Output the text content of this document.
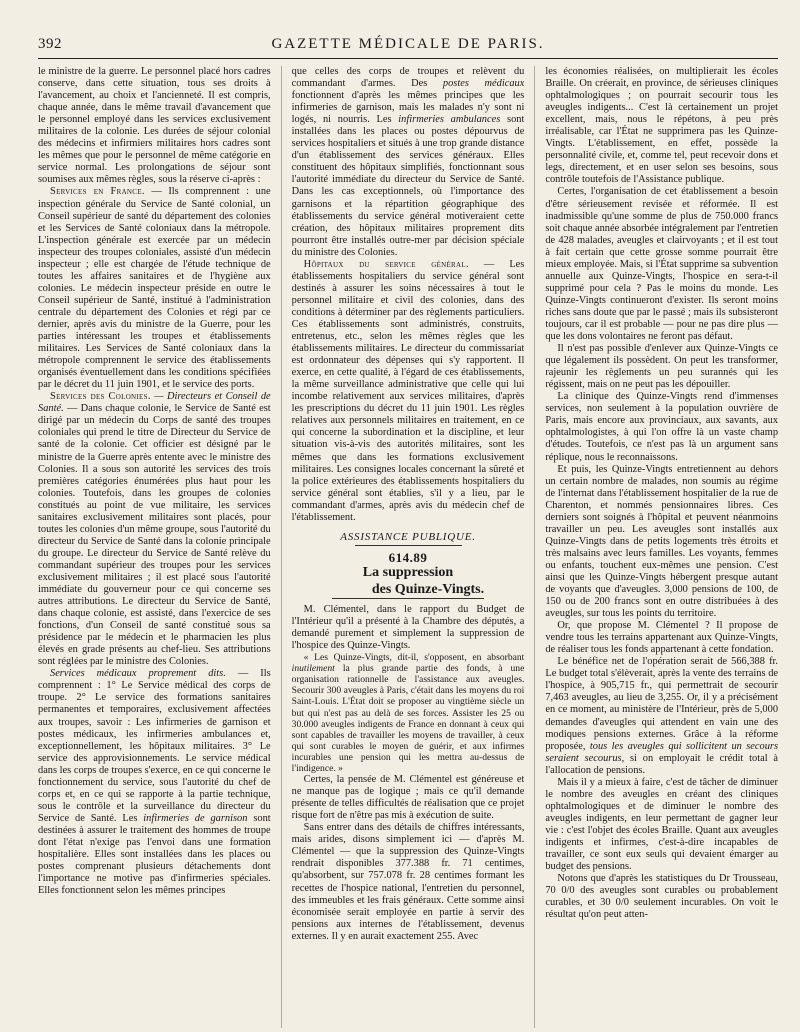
392	GAZETTE MÉDICALE DE PARIS.

le ministre de la guerre. Le personnel placé hors cadres conserve, dans cette situation, tous ses droits à l'avancement, au choix et l'ancienneté. Il est compris, chaque année, dans le même travail d'avancement que le personnel employé dans les services exclusivement militaires de la colonie. Les durées de séjour colonial des médecins et infirmiers militaires hors cadres sont les mêmes que pour le personnel de même catégorie en service normal. Les prolongations de séjour sont soumises aux mêmes règles, sous la réserve ci-après :

Services en France. — Ils comprennent : une inspection générale du Service de Santé colonial, un Conseil supérieur de santé du département des colonies et les Services de Santé coloniaux dans la métropole. L'inspection générale est exercée par un médecin inspecteur des troupes coloniales, assisté d'un médecin inspecteur ; elle est chargée de l'étude technique de toutes les affaires sanitaires et de l'hygiène aux colonies. Le médecin inspecteur préside en outre le Conseil supérieur de Santé, institué à l'administration centrale du département des Colonies et régi par ce dernier, après avis du ministre de la Guerre, pour les parties intéressant les troupes et établissements militaires. Les Services de Santé coloniaux dans la métropole comprennent le service des établissements organisés éventuellement dans les conditions spécifiées par le décret du 11 juin 1901, et le service des ports.

Services des Colonies. — Directeurs et Conseil de Santé. — Dans chaque colonie, le Service de Santé est dirigé par un médecin du Corps de santé des troupes coloniales qui prend le titre de Directeur du Service de santé de la colonie. Cet officier est désigné par le ministre de la Guerre après entente avec le ministre des Colonies. Il a sous son autorité les services des trois premières catégories énumérées plus haut pour les colonies. Toutefois, dans les groupes de colonies constitués au point de vue militaire, les services sanitaires exclusivement militaires sont placés, pour toutes les colonies d'un même groupe, sous l'autorité du directeur du Service de Santé dans la colonie principale du groupe. Le directeur du Service de Santé relève du commandant supérieur des troupes pour les services exclusivement militaires ; il est placé sous l'autorité immédiate du gouverneur pour ce qui concerne ses autres attributions. Le directeur du Service de Santé, dans chaque colonie, est assisté, dans l'exercice de ses fonctions, d'un Conseil de santé constitué sous sa présidence par le médecin et le pharmacien les plus élevés en grade présents au chef-lieu. Ses attributions sont réglées par le ministre des Colonies.

Services médicaux proprement dits. — Ils comprennent : 1° Le Service médical des corps de troupe. 2° Le service des formations sanitaires permanentes et temporaires, exclusivement affectées aux troupes, savoir : Les infirmeries de garnison et postes médicaux, les infirmeries ambulances et, exceptionnellement, les hôpitaux militaires. 3° Le service des approvisionnements. Le service médical dans les corps de troupes s'exerce, en ce qui concerne le fonctionnement du service, sous l'autorité du chef de corps et, en ce qui se rapporte à la partie technique, sous le contrôle et la surveillance du directeur du Service de Santé. Les infirmeries de garnison sont destinées à assurer le traitement des hommes de troupe dont l'état n'exige pas l'envoi dans une formation hospitalière. Elles sont installées dans les places ou postes comprenant plusieurs détachements dont l'importance ne motive pas d'infirmeries spéciales. Elles fonctionnent selon les mêmes principes

que celles des corps de troupes et relèvent du commandant d'armes. Des postes médicaux fonctionnent d'après les mêmes principes que les infirmeries de garnison, mais les malades n'y sont ni logés, ni nourris. Les infirmeries ambulances sont installées dans les places ou postes dépourvus de services hospitaliers et situés à une trop grande distance d'un établissement des services généraux. Elles constituent des hôpitaux simplifiés, fonctionnant sous l'autorité immédiate du directeur du Service de Santé. Dans les cas exceptionnels, où l'importance des garnisons et la répartition géographique des établissements du service général motiveraient cette création, des hôpitaux militaires proprement dits pourront être installés outre-mer par décision spéciale du ministre des Colonies.

Hôpitaux du service général. — Les établissements hospitaliers du service général sont destinés à assurer les soins nécessaires à tout le personnel militaire et civil des colonies, dans des conditions à déterminer par des règlements particuliers. Ces établissements sont administrés, construits, entretenus, etc., selon les mêmes règles que les établissements militaires. Le directeur du commissariat est ordonnateur des dépenses qui s'y rapportent. Il exerce, en cette qualité, à l'égard de ces établissements, la même surveillance administrative que celle qui lui incombe relativement aux services militaires, d'après les prescriptions du décret du 11 juin 1901. Les règles relatives aux personnels militaires en traitement, en ce qui concerne la subordination et la discipline, et leur situation vis-à-vis des autorités militaires, sont les mêmes que dans les formations exclusivement militaires. Les consignes locales concernant la sûreté et la police extérieures des établissements hospitaliers du service général sont établies, s'il y a lieu, par le commandant d'armes, après avis du médecin chef de l'établissement.

ASSISTANCE PUBLIQUE.
614.89
La suppression
des Quinze-Vingts.

M. Clémentel, dans le rapport du Budget de l'Intérieur qu'il a présenté à la Chambre des députés, a demandé purement et simplement la suppression de l'hospice des Quinze-Vingts.

« Les Quinze-Vingts, dit-il, s'opposent, en absorbant inutilement la plus grande partie des fonds, à une organisation rationnelle de l'assistance aux aveugles. Secourir 300 aveugles à Paris, c'était dans les moyens du roi Saint-Louis. L'État doit se proposer au vingtième siècle un but qui n'est pas au delà de ses forces. Assister les 25 ou 30.000 aveugles indigents de France en donnant à ceux qui sont capables de travailler les moyens de travailler, à ceux qui sont curables le moyen de guérir, et aux infirmes incurables une pension qui les mettra au-dessus de l'indigence. »

Certes, la pensée de M. Clémentel est généreuse et ne manque pas de logique ; mais ce qu'il demande présente de telles difficultés de réalisation que ce projet risque fort de n'être pas mis à exécution de suite.

Sans entrer dans des détails de chiffres intéressants, mais arides, disons simplement ici — d'après M. Clémentel — que la suppression des Quinze-Vingts rendrait disponibles 377.388 fr. 71 centimes, qu'absorbent, sur 757.078 fr. 28 centimes formant les recettes de l'hospice national, l'entretien du personnel, des immeubles et les frais généraux. Cette somme ainsi économisée serait employée en partie à servir des pensions aux internes de l'établissement, devenus externes. Il y en aurait exactement 255. Avec

les économies réalisées, on multiplierait les écoles Braille. On créerait, en province, de sérieuses cliniques ophtalmologiques ; on pourrait secourir tous les aveugles indigents... C'est là certainement un projet excellent, mais, nous le répétons, à peu près irréalisable, car l'État ne supprimera pas les Quinze-Vingts. L'établissement, en effet, possède la personnalité civile, et, comme tel, peut recevoir dons et legs, directement, et en user selon ses besoins, sous contrôle toutefois de l'Assistance publique.

Certes, l'organisation de cet établissement a besoin d'être sérieusement revisée et réformée. Il est inadmissible qu'une somme de plus de 750.000 francs soit chaque année absorbée intégralement par l'entretien de 428 malades, aveugles et clairvoyants ; et il est tout à fait certain que cette grosse somme pourrait être mieux employée. Mais, si l'État supprime sa subvention annuelle aux Quinze-Vingts, l'hospice en sera-t-il supprimé pour cela ? Pas le moins du monde. Les Quinze-Vingts continueront d'exister. Ils seront moins riches sans doute que par le passé ; mais ils subsisteront toujours, car il est probable — pour ne pas dire plus — que les dons volontaires ne feront pas défaut.

Il n'est pas possible d'enlever aux Quinze-Vingts ce que légalement ils possèdent. On peut les transformer, rajeunir les règlements un peu surannés qui les régissent, mais on ne peut pas les dépouiller.

La clinique des Quinze-Vingts rend d'immenses services, non seulement à la population ouvrière de Paris, mais encore aux provinciaux, aux savants, aux ophtalmologistes, à qui l'on offre là un vaste champ d'études. Toutefois, ce n'est pas là un argument sans réplique, nous le reconnaissons.

Et puis, les Quinze-Vingts entretiennent au dehors un certain nombre de malades, non soumis au régime de l'internat dans l'établissement hospitalier de la rue de Charenton, et nommés pensionnaires libres. Ces derniers sont soignés à l'hôpital et peuvent néanmoins travailler un peu. Les aveugles sont installés aux Quinze-Vingts dans de petits logements très étroits et très malsains avec leurs familles. Les voyants, femmes ou enfants, touchent eux-mêmes une pension. C'est ainsi que les Quinze-Vingts hébergent presque autant de voyants que d'aveugles. 3,000 pensions de 100, de 150 ou de 200 francs sont en outre distribuées à des aveugles, sur tous les points du territoire.

Or, que propose M. Clémentel ? Il propose de vendre tous les terrains appartenant aux Quinze-Vingts, de réaliser tous les fonds appartenant à cette fondation.

Le bénéfice net de l'opération serait de 566,388 fr. Le budget total s'élèverait, après la vente des terrains de l'hospice, à 905,715 fr., qui permettrait de secourir 7,463 aveugles, au lieu de 3,255. Or, il y a précisément en ce moment, au ministère de l'Intérieur, près de 5,000 demandes d'aveugles qui attendent en vain une des modiques pensions externes. Grâce à la réforme proposée, tous les aveugles qui sollicitent un secours seraient secourus, si on employait le crédit total à l'allocation de pensions.

Mais il y a mieux à faire, c'est de tâcher de diminuer le nombre des aveugles en créant des cliniques ophtalmologiques et de diminuer le nombre des aveugles indigents, en leur permettant de gagner leur vie : c'est l'objet des écoles Braille. Quant aux aveugles indigents et infirmes, c'est-à-dire incapables de travailler, ce sont eux seuls qui devaient émarger au budget des pensions.

Notons que d'après les statistiques du Dr Trousseau, 70 0/0 des aveugles sont curables ou probablement curables, et 30 0/0 seulement incurables. On voit le résultat qu'on peut atten-
